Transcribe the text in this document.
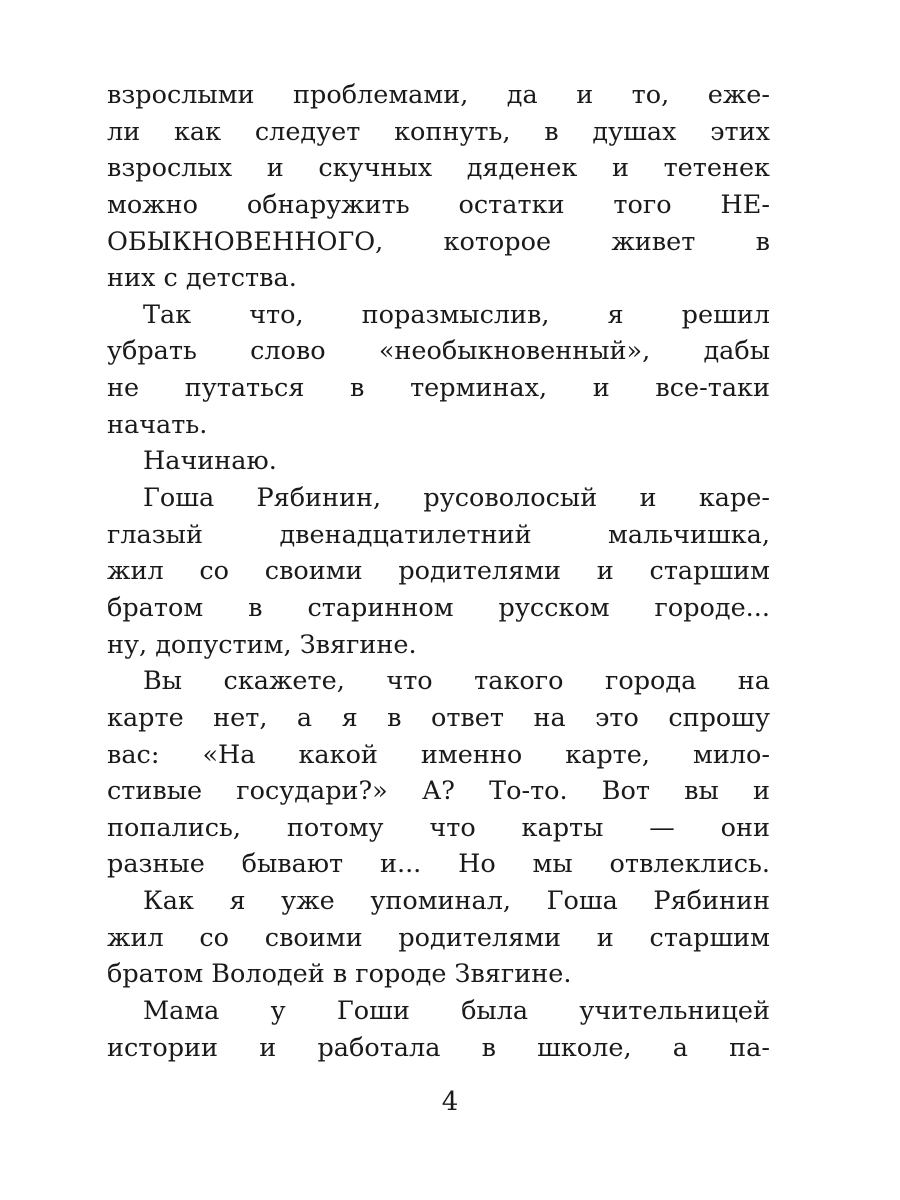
взрослыми проблемами, да и то, еже-
ли как следует копнуть, в душах этих
взрослых и скучных дяденек и тетенек
можно обнаружить остатки того НЕ-
ОБЫКНОВЕННОГО, которое живет в
них с детства.
Так что, поразмыслив, я решил
убрать слово «необыкновенный», дабы
не путаться в терминах, и все-таки
начать.
Начинаю.
Гоша Рябинин, русоволосый и каре-
глазый двенадцатилетний мальчишка,
жил со своими родителями и старшим
братом в старинном русском городе...
ну, допустим, Звягине.
Вы скажете, что такого города на
карте нет, а я в ответ на это спрошу
вас: «На какой именно карте, мило-
стивые государи?» А? То-то. Вот вы и
попались, потому что карты — они
разные бывают и... Но мы отвлеклись.
Как я уже упоминал, Гоша Рябинин
жил со своими родителями и старшим
братом Володей в городе Звягине.
Мама у Гоши была учительницей
истории и работала в школе, а па-
4
